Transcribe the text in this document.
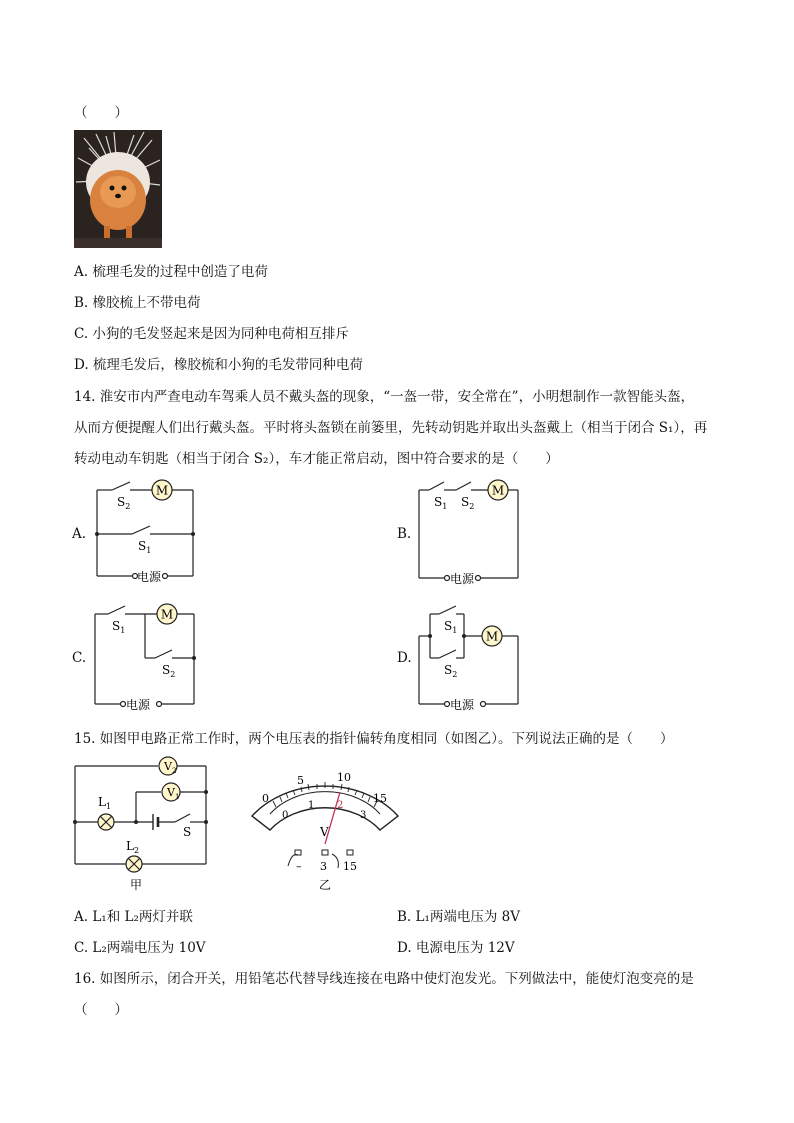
（　　）
A. 梳理毛发的过程中创造了电荷
B. 橡胶梳上不带电荷
C. 小狗的毛发竖起来是因为同种电荷相互排斥
D. 梳理毛发后，橡胶梳和小狗的毛发带同种电荷
14. 淮安市内严查电动车驾乘人员不戴头盔的现象，“一盔一带，安全常在”，小明想制作一款智能头盔，
从而方便提醒人们出行戴头盔。平时将头盔锁在前篓里，先转动钥匙并取出头盔戴上（相当于闭合 S₁），再
转动电动车钥匙（相当于闭合 S₂），车才能正常启动，图中符合要求的是（　　）
A.
M
$S_2$
$S_1$
电源
B.
M
$S_1$ $S_2$
电源
C.
M
$S_1$
$S_2$
电源
D.
M
$S_1$
$S_2$
电源
15. 如图甲电路正常工作时，两个电压表的指针偏转角度相同（如图乙）。下列说法正确的是（　　）
$V_2$
$V_1$
$L_1$
$L_2$
S
甲
0
5	10
15
0
1 2
3
V
– 3 15
乙
A. L₁和 L₂两灯并联	B. L₁两端电压为 8V
C. L₂两端电压为 10V	D. 电源电压为 12V
16. 如图所示，闭合开关，用铅笔芯代替导线连接在电路中使灯泡发光。下列做法中，能使灯泡变亮的是
（　　）
